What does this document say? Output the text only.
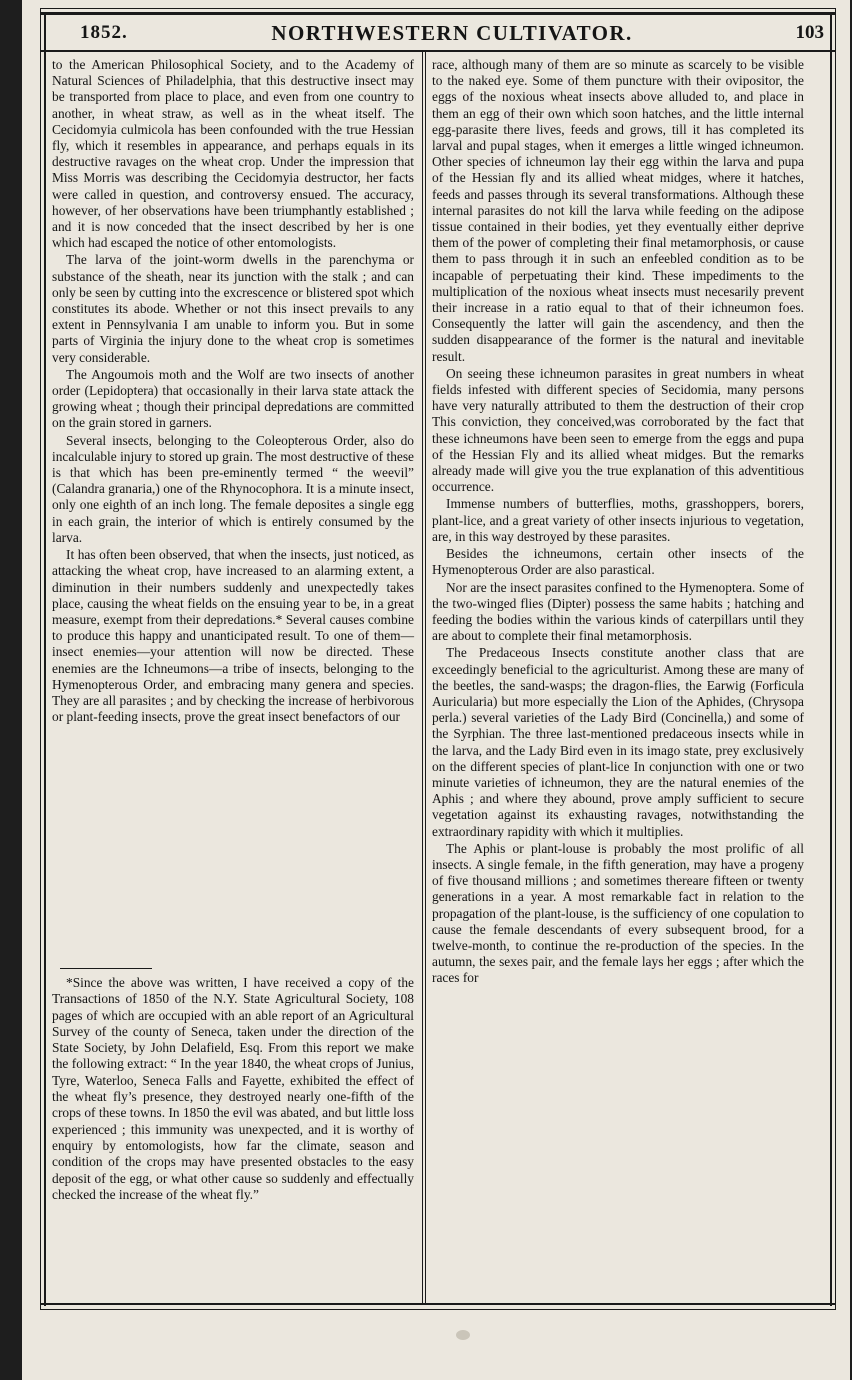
1852.	NORTHWESTERN CULTIVATOR.	103

to the American Philosophical Society, and to the Academy of Natural Sciences of Philadelphia, that this destructive insect may be transported from place to place, and even from one country to another, in wheat straw, as well as in the wheat itself. The Cecidomyia culmicola has been confounded with the true Hessian fly, which it resembles in appearance, and perhaps equals in its destructive ravages on the wheat crop. Under the impression that Miss Morris was describing the Cecidomyia destructor, her facts were called in question, and controversy ensued. The accuracy, however, of her observations have been triumphantly established ; and it is now conceded that the insect described by her is one which had escaped the notice of other entomologists.

The larva of the joint-worm dwells in the parenchyma or substance of the sheath, near its junction with the stalk ; and can only be seen by cutting into the excrescence or blistered spot which constitutes its abode. Whether or not this insect prevails to any extent in Pennsylvania I am unable to inform you. But in some parts of Virginia the injury done to the wheat crop is sometimes very considerable.

The Angoumois moth and the Wolf are two insects of another order (Lepidoptera) that occasionally in their larva state attack the growing wheat ; though their principal depredations are committed on the grain stored in garners.

Several insects, belonging to the Coleopterous Order, also do incalculable injury to stored up grain. The most destructive of these is that which has been pre-eminently termed “ the weevil” (Calandra granaria,) one of the Rhynocophora. It is a minute insect, only one eighth of an inch long. The female deposites a single egg in each grain, the interior of which is entirely consumed by the larva.

It has often been observed, that when the insects, just noticed, as attacking the wheat crop, have increased to an alarming extent, a diminution in their numbers suddenly and unexpectedly takes place, causing the wheat fields on the ensuing year to be, in a great measure, exempt from their depredations.* Several causes combine to produce this happy and unanticipated result. To one of them—insect enemies—your attention will now be directed. These enemies are the Ichneumons—a tribe of insects, belonging to the Hymenopterous Order, and embracing many genera and species. They are all parasites ; and by checking the increase of herbivorous or plant-feeding insects, prove the great insect benefactors of our

*Since the above was written, I have received a copy of the Transactions of 1850 of the N.Y. State Agricultural Society, 108 pages of which are occupied with an able report of an Agricultural Survey of the county of Seneca, taken under the direction of the State Society, by John Delafield, Esq. From this report we make the following extract: “ In the year 1840, the wheat crops of Junius, Tyre, Waterloo, Seneca Falls and Fayette, exhibited the effect of the wheat fly’s presence, they destroyed nearly one-fifth of the crops of these towns. In 1850 the evil was abated, and but little loss experienced ; this immunity was unexpected, and it is worthy of enquiry by entomologists, how far the climate, season and condition of the crops may have presented obstacles to the easy deposit of the egg, or what other cause so suddenly and effectually checked the increase of the wheat fly.”

race, although many of them are so minute as scarcely to be visible to the naked eye. Some of them puncture with their ovipositor, the eggs of the noxious wheat insects above alluded to, and place in them an egg of their own which soon hatches, and the little internal egg-parasite there lives, feeds and grows, till it has completed its larval and pupal stages, when it emerges a little winged ichneumon. Other species of ichneumon lay their egg within the larva and pupa of the Hessian fly and its allied wheat midges, where it hatches, feeds and passes through its several transformations. Although these internal parasites do not kill the larva while feeding on the adipose tissue contained in their bodies, yet they eventually either deprive them of the power of completing their final metamorphosis, or cause them to pass through it in such an enfeebled condition as to be incapable of perpetuating their kind. These impediments to the multiplication of the noxious wheat insects must necesarily prevent their increase in a ratio equal to that of their ichneumon foes. Consequently the latter will gain the ascendency, and then the sudden disappearance of the former is the natural and inevitable result.

On seeing these ichneumon parasites in great numbers in wheat fields infested with different species of Secidomia, many persons have very naturally attributed to them the destruction of their crop This conviction, they conceived,was corroborated by the fact that these ichneumons have been seen to emerge from the eggs and pupa of the Hessian Fly and its allied wheat midges. But the remarks already made will give you the true explanation of this adventitious occurrence.

Immense numbers of butterflies, moths, grasshoppers, borers, plant-lice, and a great variety of other insects injurious to vegetation, are, in this way destroyed by these parasites.

Besides the ichneumons, certain other insects of the Hymenopterous Order are also parastical.

Nor are the insect parasites confined to the Hymenoptera. Some of the two-winged flies (Dipter) possess the same habits ; hatching and feeding the bodies within the various kinds of caterpillars until they are about to complete their final metamorphosis.

The Predaceous Insects constitute another class that are exceedingly beneficial to the agriculturist. Among these are many of the beetles, the sand-wasps; the dragon-flies, the Earwig (Forficula Auricularia) but more especially the Lion of the Aphides, (Chrysopa perla.) several varieties of the Lady Bird (Concinella,) and some of the Syrphian. The three last-mentioned predaceous insects while in the larva, and the Lady Bird even in its imago state, prey exclusively on the different species of plant-lice In conjunction with one or two minute varieties of ichneumon, they are the natural enemies of the Aphis ; and where they abound, prove amply sufficient to secure vegetation against its exhausting ravages, notwithstanding the extraordinary rapidity with which it multiplies.

The Aphis or plant-louse is probably the most prolific of all insects. A single female, in the fifth generation, may have a progeny of five thousand millions ; and sometimes thereare fifteen or twenty generations in a year. A most remarkable fact in relation to the propagation of the plant-louse, is the sufficiency of one copulation to cause the female descendants of every subsequent brood, for a twelve-month, to continue the re-production of the species. In the autumn, the sexes pair, and the female lays her eggs ; after which the races for
